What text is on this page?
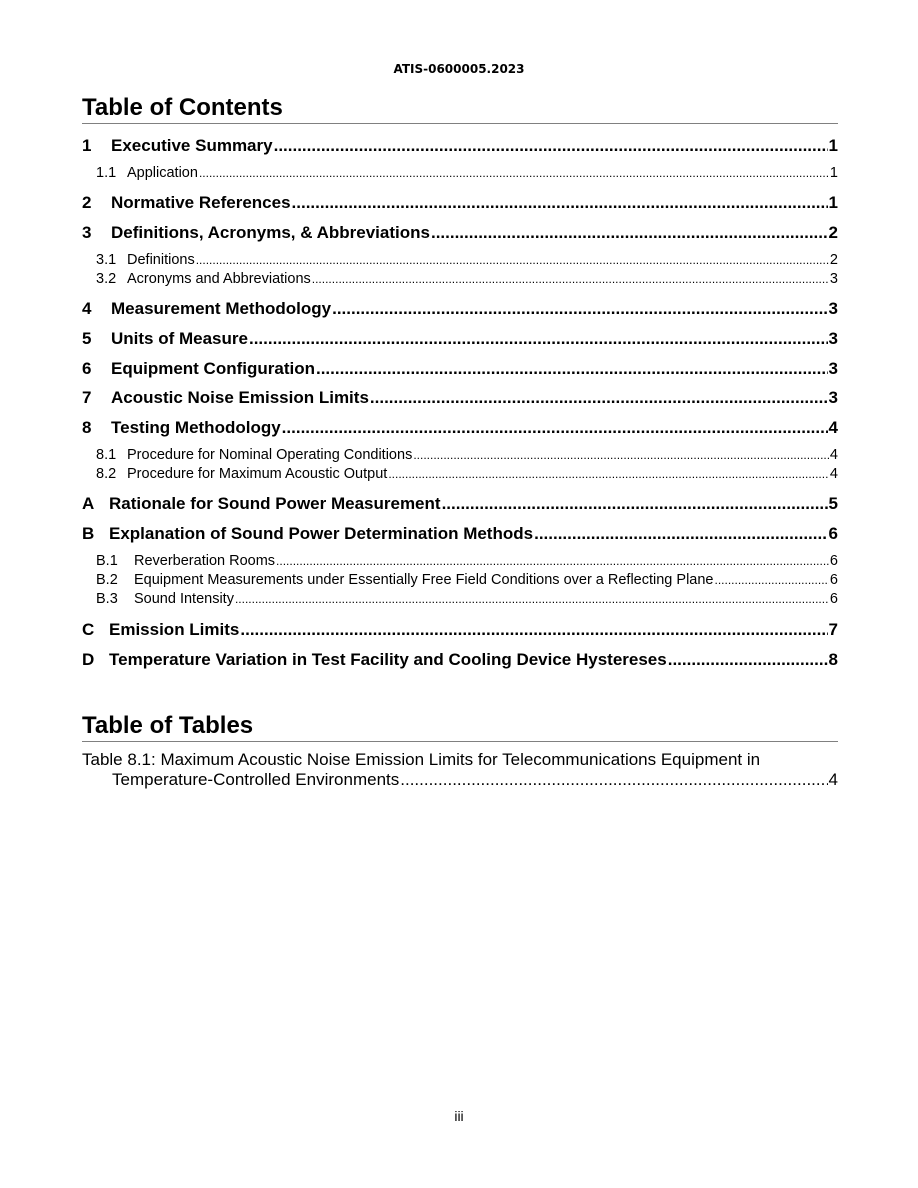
ATIS-0600005.2023
Table of Contents
1	Executive Summary .....	1
1.1 Application .....	1
2	Normative References .....	1
3	Definitions, Acronyms, & Abbreviations .....	2
3.1 Definitions .....	2
3.2 Acronyms and Abbreviations .....	3
4	Measurement Methodology .....	3
5	Units of Measure .....	3
6	Equipment Configuration .....	3
7	Acoustic Noise Emission Limits .....	3
8	Testing Methodology .....	4
8.1 Procedure for Nominal Operating Conditions .....	4
8.2 Procedure for Maximum Acoustic Output .....	4
A Rationale for Sound Power Measurement .....	5
B Explanation of Sound Power Determination Methods .....	6
B.1	Reverberation Rooms .....	6
B.2	Equipment Measurements under Essentially Free Field Conditions over a Reflecting Plane .....	6
B.3	Sound Intensity .....	6
C Emission Limits .....	7
D Temperature Variation in Test Facility and Cooling Device Hystereses .....	8
Table of Tables
Table 8.1: Maximum Acoustic Noise Emission Limits for Telecommunications Equipment in
Temperature-Controlled Environments .....	4
iii
